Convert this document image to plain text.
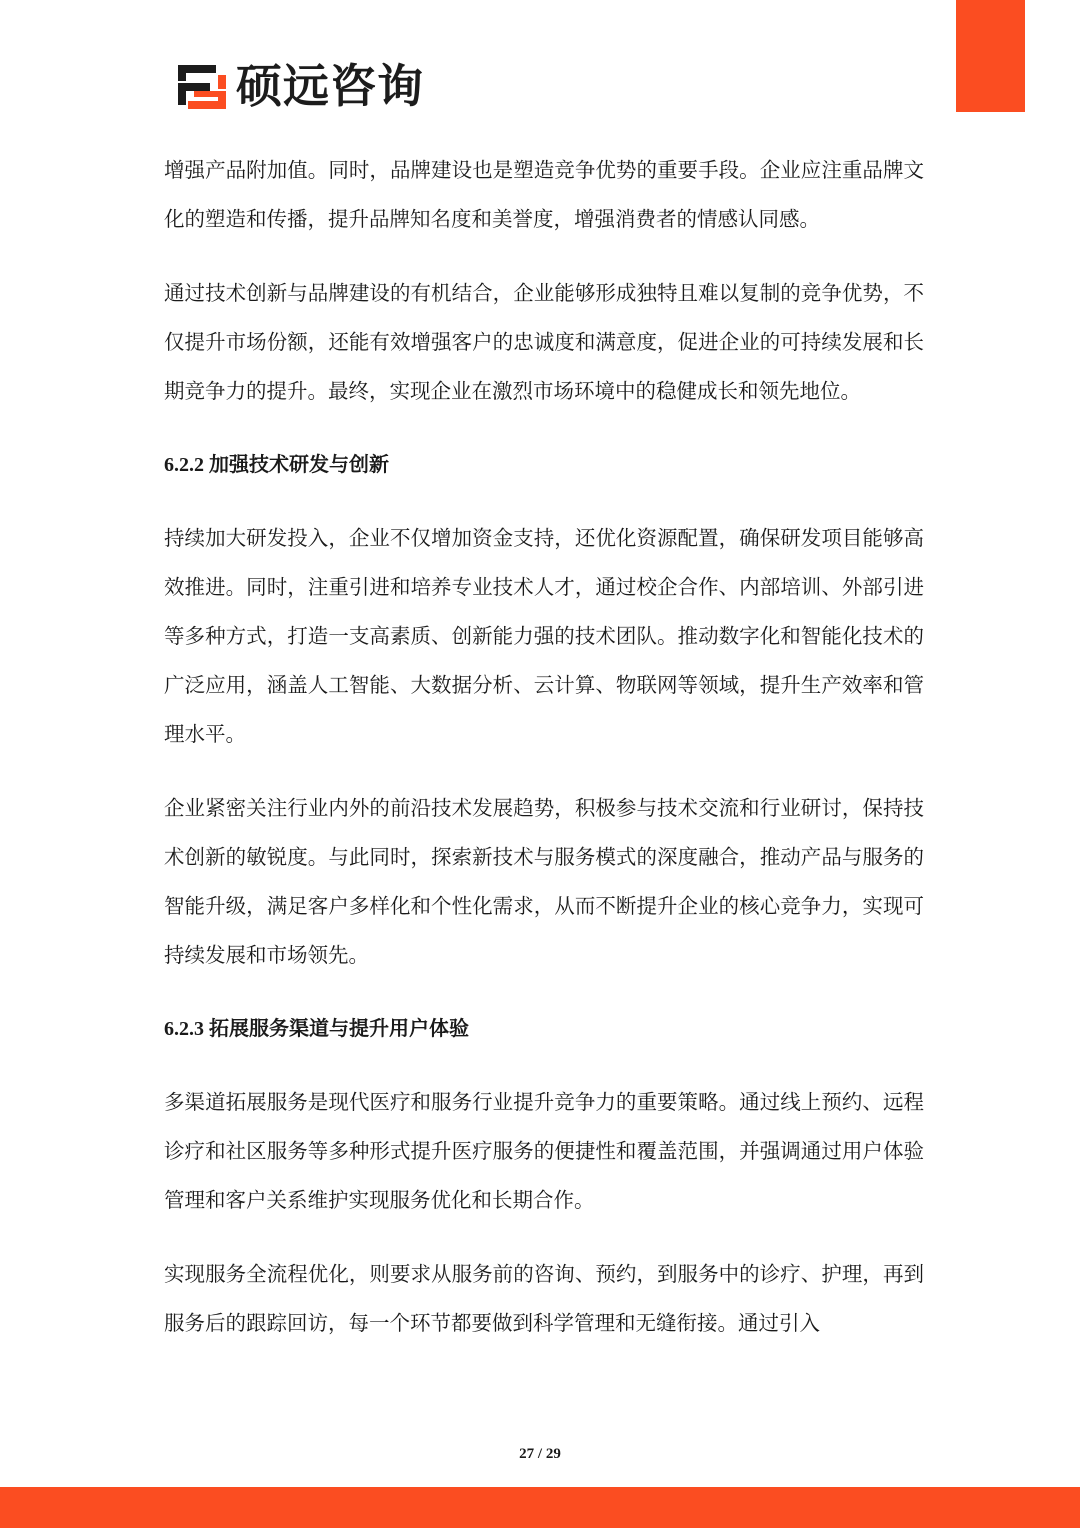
硕远咨询

增强产品附加值。同时，品牌建设也是塑造竞争优势的重要手段。企业应注重品牌文化的塑造和传播，提升品牌知名度和美誉度，增强消费者的情感认同感。

通过技术创新与品牌建设的有机结合，企业能够形成独特且难以复制的竞争优势，不仅提升市场份额，还能有效增强客户的忠诚度和满意度，促进企业的可持续发展和长期竞争力的提升。最终，实现企业在激烈市场环境中的稳健成长和领先地位。

6.2.2 加强技术研发与创新

持续加大研发投入，企业不仅增加资金支持，还优化资源配置，确保研发项目能够高效推进。同时，注重引进和培养专业技术人才，通过校企合作、内部培训、外部引进等多种方式，打造一支高素质、创新能力强的技术团队。推动数字化和智能化技术的广泛应用，涵盖人工智能、大数据分析、云计算、物联网等领域，提升生产效率和管理水平。

企业紧密关注行业内外的前沿技术发展趋势，积极参与技术交流和行业研讨，保持技术创新的敏锐度。与此同时，探索新技术与服务模式的深度融合，推动产品与服务的智能升级，满足客户多样化和个性化需求，从而不断提升企业的核心竞争力，实现可持续发展和市场领先。

6.2.3 拓展服务渠道与提升用户体验

多渠道拓展服务是现代医疗和服务行业提升竞争力的重要策略。通过线上预约、远程诊疗和社区服务等多种形式提升医疗服务的便捷性和覆盖范围，并强调通过用户体验管理和客户关系维护实现服务优化和长期合作。

实现服务全流程优化，则要求从服务前的咨询、预约，到服务中的诊疗、护理，再到服务后的跟踪回访，每一个环节都要做到科学管理和无缝衔接。通过引入

27 / 29
